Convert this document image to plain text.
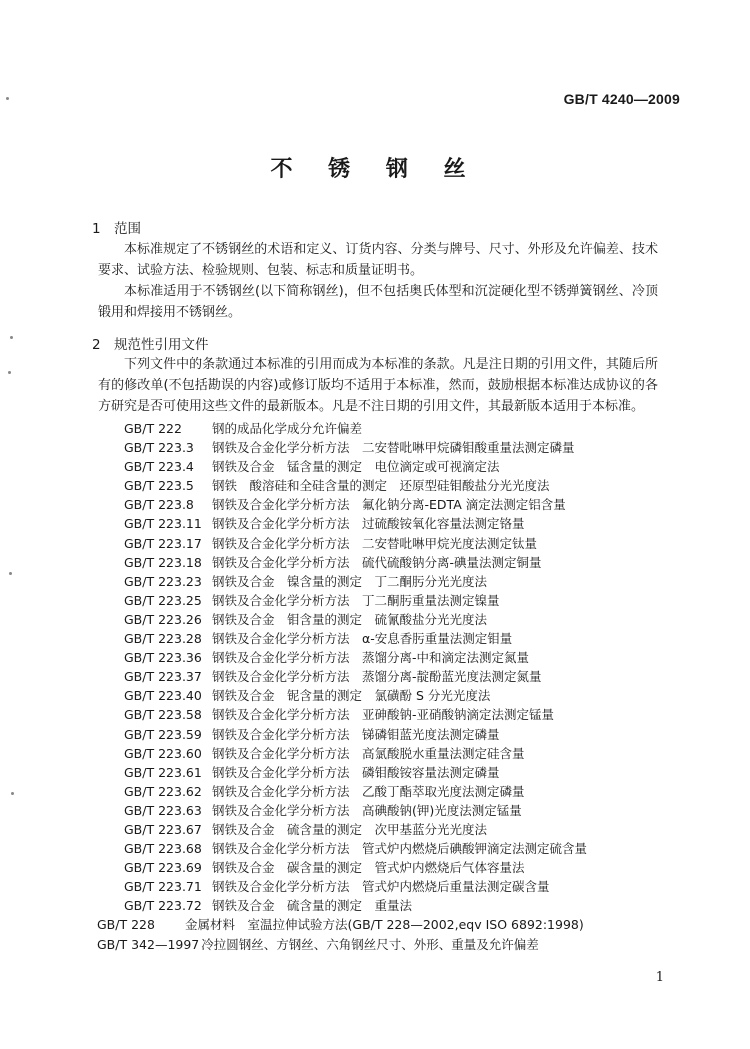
GB/T 4240—2009
不 锈 钢 丝
1 范围
本标准规定了不锈钢丝的术语和定义、订货内容、分类与牌号、尺寸、外形及允许偏差、技术要求、试验方法、检验规则、包装、标志和质量证明书。
本标准适用于不锈钢丝(以下简称钢丝)，但不包括奥氏体型和沉淀硬化型不锈弹簧钢丝、冷顶锻用和焊接用不锈钢丝。
2 规范性引用文件
下列文件中的条款通过本标准的引用而成为本标准的条款。凡是注日期的引用文件，其随后所有的修改单(不包括勘误的内容)或修订版均不适用于本标准，然而，鼓励根据本标准达成协议的各方研究是否可使用这些文件的最新版本。凡是不注日期的引用文件，其最新版本适用于本标准。
GB/T 222 钢的成品化学成分允许偏差
GB/T 223.3 钢铁及合金化学分析方法　二安替吡啉甲烷磷钼酸重量法测定磷量
GB/T 223.4 钢铁及合金　锰含量的测定　电位滴定或可视滴定法
GB/T 223.5 钢铁　酸溶硅和全硅含量的测定　还原型硅钼酸盐分光光度法
GB/T 223.8 钢铁及合金化学分析方法　氟化钠分离-EDTA 滴定法测定铝含量
GB/T 223.11 钢铁及合金化学分析方法　过硫酸铵氧化容量法测定铬量
GB/T 223.17 钢铁及合金化学分析方法　二安替吡啉甲烷光度法测定钛量
GB/T 223.18 钢铁及合金化学分析方法　硫代硫酸钠分离-碘量法测定铜量
GB/T 223.23 钢铁及合金　镍含量的测定　丁二酮肟分光光度法
GB/T 223.25 钢铁及合金化学分析方法　丁二酮肟重量法测定镍量
GB/T 223.26 钢铁及合金　钼含量的测定　硫氰酸盐分光光度法
GB/T 223.28 钢铁及合金化学分析方法　α-安息香肟重量法测定钼量
GB/T 223.36 钢铁及合金化学分析方法　蒸馏分离-中和滴定法测定氮量
GB/T 223.37 钢铁及合金化学分析方法　蒸馏分离-靛酚蓝光度法测定氮量
GB/T 223.40 钢铁及合金　铌含量的测定　氯磺酚 S 分光光度法
GB/T 223.58 钢铁及合金化学分析方法　亚砷酸钠-亚硝酸钠滴定法测定锰量
GB/T 223.59 钢铁及合金化学分析方法　锑磷钼蓝光度法测定磷量
GB/T 223.60 钢铁及合金化学分析方法　高氯酸脱水重量法测定硅含量
GB/T 223.61 钢铁及合金化学分析方法　磷钼酸铵容量法测定磷量
GB/T 223.62 钢铁及合金化学分析方法　乙酸丁酯萃取光度法测定磷量
GB/T 223.63 钢铁及合金化学分析方法　高碘酸钠(钾)光度法测定锰量
GB/T 223.67 钢铁及合金　硫含量的测定　次甲基蓝分光光度法
GB/T 223.68 钢铁及合金化学分析方法　管式炉内燃烧后碘酸钾滴定法测定硫含量
GB/T 223.69 钢铁及合金　碳含量的测定　管式炉内燃烧后气体容量法
GB/T 223.71 钢铁及合金化学分析方法　管式炉内燃烧后重量法测定碳含量
GB/T 223.72 钢铁及合金　硫含量的测定　重量法
GB/T 228 金属材料　室温拉伸试验方法(GB/T 228—2002,eqv ISO 6892:1998)
GB/T 342—1997 冷拉圆钢丝、方钢丝、六角钢丝尺寸、外形、重量及允许偏差
1
